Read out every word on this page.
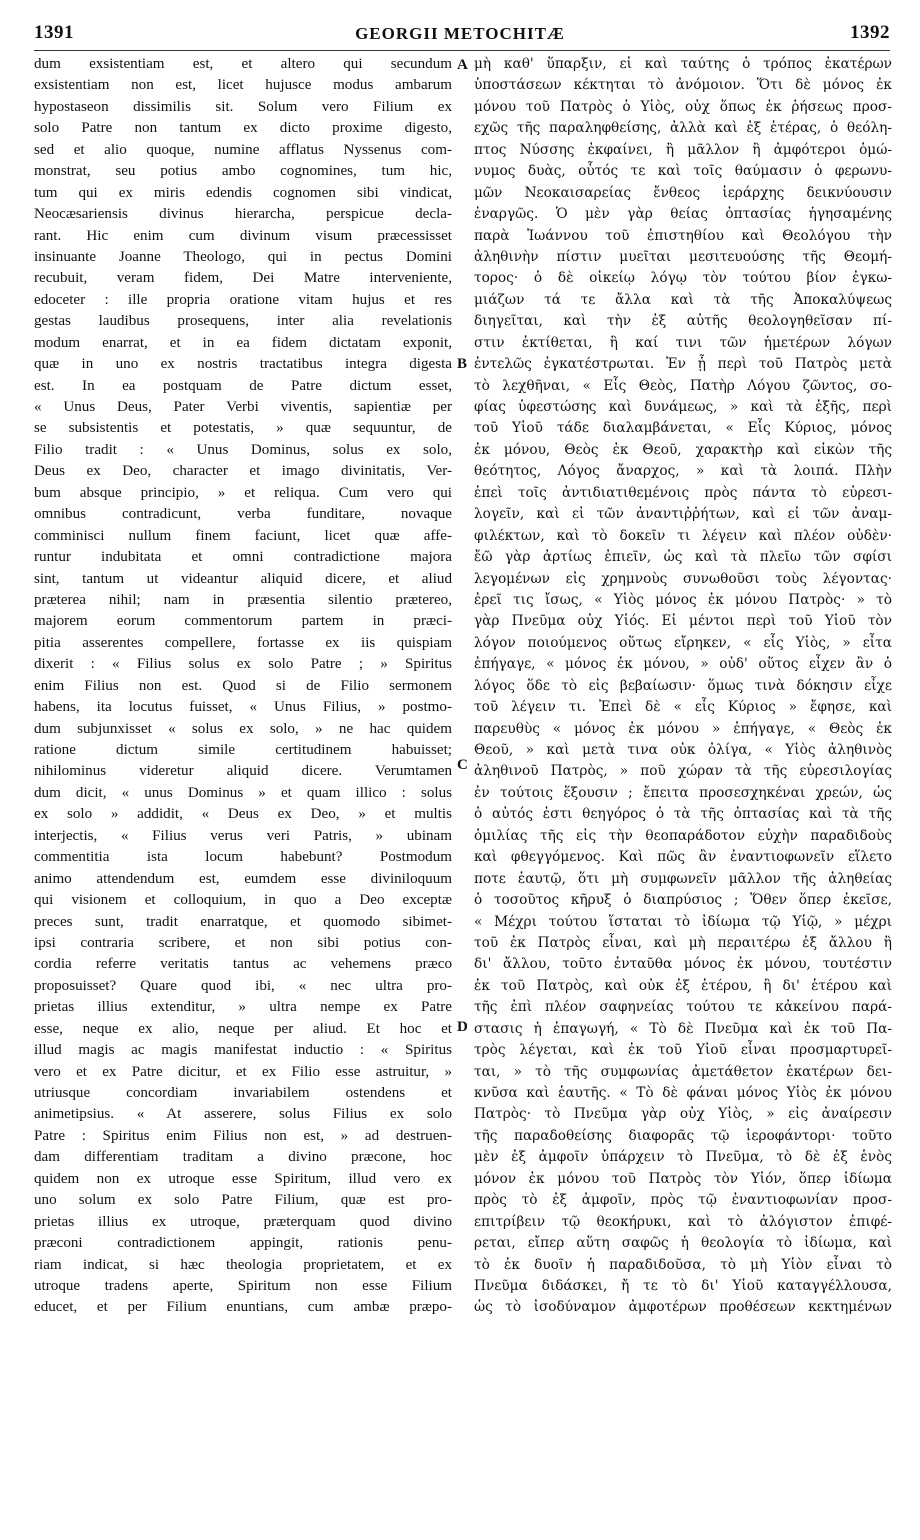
1391	GEORGII METOCHITÆ	1392
dum exsistentiam est, et altero qui secundum
exsistentiam non est, licet hujusce modus ambarum
hypostaseon dissimilis sit. Solum vero Filium ex
solo Patre non tantum ex dicto proxime digesto,
sed et alio quoque, numine afflatus Nyssenus com-
monstrat, seu potius ambo cognomines, tum hic,
tum qui ex miris edendis cognomen sibi vindicat,
Neocæsariensis divinus hierarcha, perspicue decla-
rant. Hic enim cum divinum visum præcessisset
insinuante Joanne Theologo, qui in pectus Domini
recubuit, veram fidem, Dei Matre interveniente,
edoceter : ille propria oratione vitam hujus et res
gestas laudibus prosequens, inter alia revelationis
modum enarrat, et in ea fidem dictatam exponit,
quæ in uno ex nostris tractatibus integra digesta
est. In ea postquam de Patre dictum esset,
« Unus Deus, Pater Verbi viventis, sapientiæ per
se subsistentis et potestatis, » quæ sequuntur, de
Filio tradit : « Unus Dominus, solus ex solo,
Deus ex Deo, character et imago divinitatis, Ver-
bum absque principio, » et reliqua. Cum vero qui
omnibus contradicunt, verba funditare, novaque
comminisci nullum finem faciunt, licet quæ affe-
runtur indubitata et omni contradictione majora
sint, tantum ut videantur aliquid dicere, et aliud
præterea nihil; nam in præsentia silentio prætereo,
majorem eorum commentorum partem in præci-
pitia asserentes compellere, fortasse ex iis quispiam
dixerit : « Filius solus ex solo Patre ; » Spiritus
enim Filius non est. Quod si de Filio sermonem
habens, ita locutus fuisset, « Unus Filius, » postmo-
dum subjunxisset « solus ex solo, » ne hac quidem
ratione dictum simile certitudinem habuisset;
nihilominus videretur aliquid dicere. Verumtamen
dum dicit, « unus Dominus » et quam illico : solus
ex solo » addidit, « Deus ex Deo, » et multis
interjectis, « Filius verus veri Patris, » ubinam
commentitia ista locum habebunt? Postmodum
animo attendendum est, eumdem esse diviniloquum
qui visionem et colloquium, in quo a Deo exceptæ
preces sunt, tradit enarratque, et quomodo sibimet-
ipsi contraria scribere, et non sibi potius con-
cordia referre veritatis tantus ac vehemens præco
proposuisset? Quare quod ibi, « nec ultra pro-
prietas illius extenditur, » ultra nempe ex Patre
esse, neque ex alio, neque per aliud. Et hoc et
illud magis ac magis manifestat inductio : « Spiritus
vero et ex Patre dicitur, et ex Filio esse astruitur, »
utriusque concordiam invariabilem ostendens et
animetipsius. « At asserere, solus Filius ex solo
Patre : Spiritus enim Filius non est, » ad destruen-
dam differentiam traditam a divino præcone, hoc
quidem non ex utroque esse Spiritum, illud vero ex
uno solum ex solo Patre Filium, quæ est pro-
prietas illius ex utroque, præterquam quod divino
præconi contradictionem appingit, rationis penu-
riam indicat, si hæc theologia proprietatem, et ex
utroque tradens aperte, Spiritum non esse Filium
educet, et per Filium enuntians, cum ambæ præpo-
μὴ καθ' ὕπαρξιν, εἰ καὶ ταύτης ὁ τρόπος ἑκατέρων
ὑποστάσεων κέκτηται τὸ ἀνόμοιον. Ὅτι δὲ μόνος ἐκ
μόνου τοῦ Πατρὸς ὁ Υἱὸς, οὐχ ὅπως ἐκ ῥήσεως προσ-
εχῶς τῆς παραληφθείσης, ἀλλὰ καὶ ἐξ ἑτέρας, ὁ θεόλη-
πτος Νύσσης ἐκφαίνει, ἢ μᾶλλον ἢ ἀμφότεροι ὁμώ-
νυμος δυὰς, οὗτός τε καὶ τοῖς θαύμασιν ὁ φερωνυ-
μῶν Νεοκαισαρείας ἔνθεος ἱεράρχης δεικνύουσιν
ἐναργῶς. Ὁ μὲν γὰρ θείας ὀπτασίας ἡγησαμένης
παρὰ Ἰωάννου τοῦ ἐπιστηθίου καὶ Θεολόγου τὴν
ἀληθινὴν πίστιν μυεῖται μεσιτευούσης τῆς Θεομή-
τορος· ὁ δὲ οἰκείῳ λόγῳ τὸν τούτου βίον ἐγκω-
μιάζων τά τε ἄλλα καὶ τὰ τῆς Ἀποκαλύψεως
διηγεῖται, καὶ τὴν ἐξ αὐτῆς θεολογηθεῖσαν πί-
στιν ἐκτίθεται, ἣ καί τινι τῶν ἡμετέρων λόγων
ἐντελῶς ἐγκατέστρωται. Ἐν ᾗ περὶ τοῦ Πατρὸς μετὰ
τὸ λεχθῆναι, « Εἷς Θεὸς, Πατὴρ Λόγου ζῶντος, σο-
φίας ὑφεστώσης καὶ δυνάμεως, » καὶ τὰ ἑξῆς, περὶ
τοῦ Υἱοῦ τάδε διαλαμβάνεται, « Εἷς Κύριος, μόνος
ἐκ μόνου, Θεὸς ἐκ Θεοῦ, χαρακτὴρ καὶ εἰκὼν τῆς
θεότητος, Λόγος ἄναρχος, » καὶ τὰ λοιπά. Πλὴν
ἐπεὶ τοῖς ἀντιδιατιθεμένοις πρὸς πάντα τὸ εὑρεσι-
λογεῖν, καὶ εἰ τῶν ἀναντιῤῥήτων, καὶ εἰ τῶν ἀναμ-
φιλέκτων, καὶ τὸ δοκεῖν τι λέγειν καὶ πλέον οὐδὲν·
ἔῶ γὰρ ἀρτίως ἐπιεῖν, ὡς καὶ τὰ πλεῖω τῶν σφίσι
λεγομένων εἰς χρημνοὺς συνωθοῦσι τοὺς λέγοντας·
ἐρεῖ τις ἴσως, « Υἱὸς μόνος ἐκ μόνου Πατρὸς· » τὸ
γὰρ Πνεῦμα οὐχ Υἱός. Εἰ μέντοι περὶ τοῦ Υἱοῦ τὸν
λόγον ποιούμενος οὕτως εἴρηκεν, « εἷς Υἱὸς, » εἶτα
ἐπήγαγε, « μόνος ἐκ μόνου, » οὐδ' οὕτος εἶχεν ἂν ὁ
λόγος ὅδε τὸ εἰς βεβαίωσιν· ὅμως τινὰ δόκησιν εἶχε
τοῦ λέγειν τι. Ἐπεὶ δὲ « εἷς Κύριος » ἔφησε, καὶ
παρευθὺς « μόνος ἐκ μόνου » ἐπήγαγε, « Θεὸς ἐκ
Θεοῦ, » καὶ μετὰ τινα οὐκ ὀλίγα, « Υἱὸς ἀληθινὸς
ἀληθινοῦ Πατρὸς, » ποῦ χώραν τὰ τῆς εὑρεσιλογίας
ἐν τούτοις ἕξουσιν ; ἔπειτα προσεσχηκέναι χρεών, ὡς
ὁ αὐτός ἐστι θεηγόρος ὁ τὰ τῆς ὀπτασίας καὶ τὰ τῆς
ὁμιλίας τῆς εἰς τὴν θεοπαράδοτον εὐχὴν παραδιδοὺς
καὶ φθεγγόμενος. Καὶ πῶς ἂν ἐναντιοφωνεῖν εἵλετο
ποτε ἑαυτῷ, ὅτι μὴ συμφωνεῖν μᾶλλον τῆς ἀληθείας
ὁ τοσοῦτος κῆρυξ ὁ διαπρύσιος ; Ὅθεν ὅπερ ἐκεῖσε,
« Μέχρι τούτου ἵσταται τὸ ἰδίωμα τῷ Υἱῷ, » μέχρι
τοῦ ἐκ Πατρὸς εἶναι, καὶ μὴ περαιτέρω ἐξ ἄλλου ἢ
δι' ἄλλου, τοῦτο ἐνταῦθα μόνος ἐκ μόνου, τουτέστιν
ἐκ τοῦ Πατρὸς, καὶ οὐκ ἐξ ἑτέρου, ἢ δι' ἑτέρου καὶ
τῆς ἐπὶ πλέον σαφηνείας τούτου τε κἀκείνου παρά-
στασις ἡ ἐπαγωγή, « Τὸ δὲ Πνεῦμα καὶ ἐκ τοῦ Πα-
τρὸς λέγεται, καὶ ἐκ τοῦ Υἱοῦ εἶναι προσμαρτυρεῖ-
ται, » τὸ τῆς συμφωνίας ἀμετάθετον ἑκατέρων δει-
κνῦσα καὶ ἑαυτῆς. « Τὸ δὲ φάναι μόνος Υἱὸς ἐκ μόνου
Πατρὸς· τὸ Πνεῦμα γὰρ οὐχ Υἱὸς, » εἰς ἀναίρεσιν
τῆς παραδοθείσης διαφορᾶς τῷ ἱεροφάντορι· τοῦτο
μὲν ἐξ ἀμφοῖν ὑπάρχειν τὸ Πνεῦμα, τὸ δὲ ἐξ ἑνὸς
μόνον ἐκ μόνου τοῦ Πατρὸς τὸν Υἱόν, ὅπερ ἰδίωμα
πρὸς τὸ ἐξ ἀμφοῖν, πρὸς τῷ ἐναντιοφωνίαν προσ-
επιτρίβειν τῷ θεοκήρυκι, καὶ τὸ ἀλόγιστον ἐπιφέ-
ρεται, εἴπερ αὕτη σαφῶς ἡ θεολογία τὸ ἰδίωμα, καὶ
τὸ ἐκ δυοῖν ἡ παραδιδοῦσα, τὸ μὴ Υἱὸν εἶναι τὸ
Πνεῦμα διδάσκει, ἤ τε τὸ δι' Υἱοῦ καταγγέλλουσα,
ὡς τὸ ἰσοδύναμον ἀμφοτέρων προθέσεων κεκτημένων
A
B
C
D
